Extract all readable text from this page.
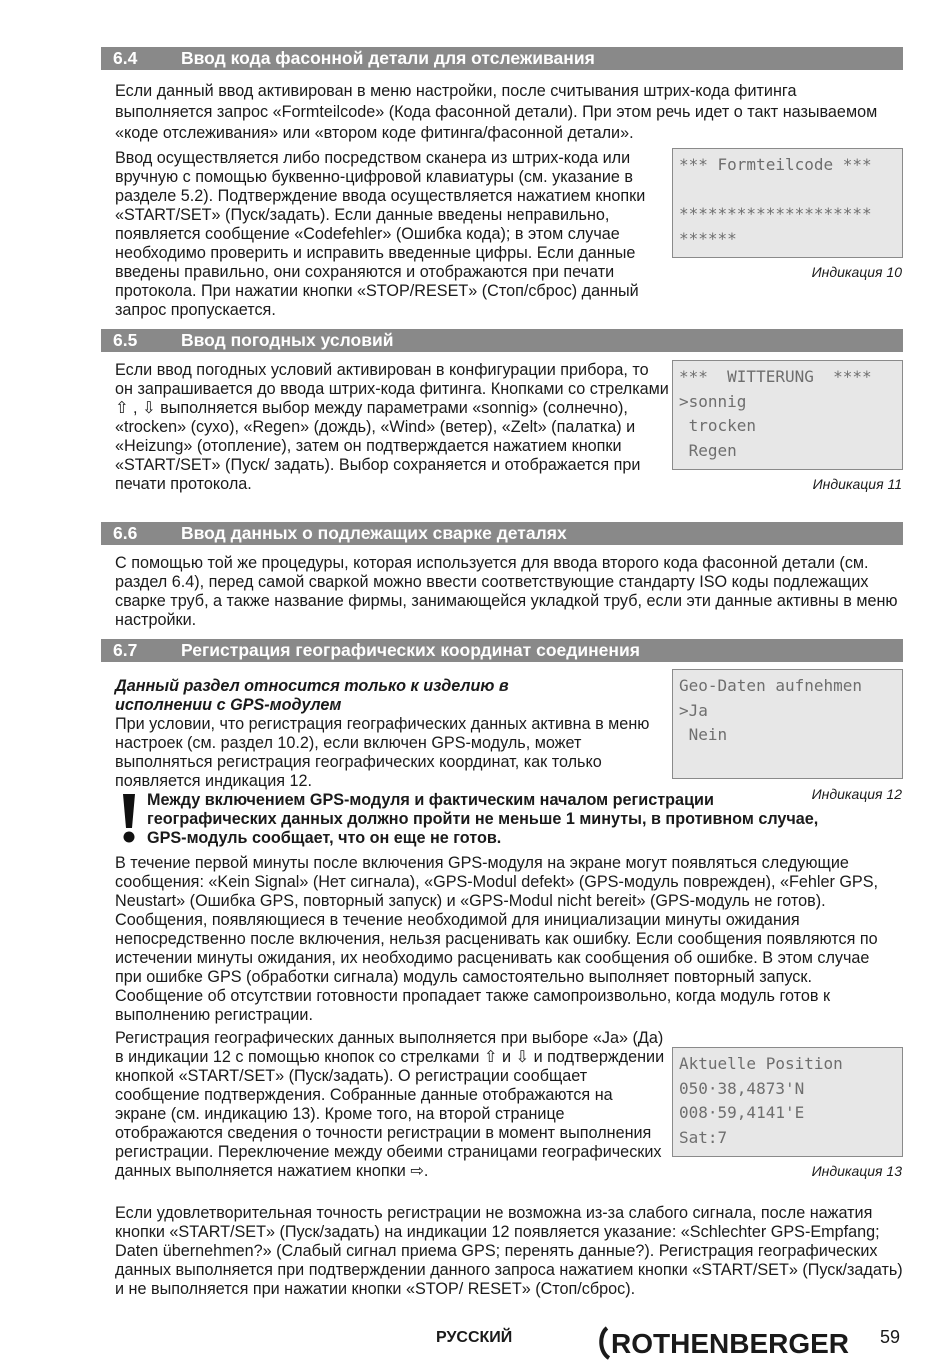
6.4 Ввод кода фасонной детали для отслеживания

Если данный ввод активирован в меню настройки, после считывания штрих-кода фитинга выполняется запрос «Formteilcode» (Кода фасонной детали). При этом речь идет о такт называемом «коде отслеживания» или «втором коде фитинга/фасонной детали».

Ввод осуществляется либо посредством сканера из штрих-кода или вручную с помощью буквенно-цифровой клавиатуры (см. указание в разделе 5.2). Подтверждение ввода осуществляется нажатием кнопки «START/SET» (Пуск/задать). Если данные введены неправильно, появляется сообщение «Codefehler» (Ошибка кода); в этом случае необходимо проверить и исправить введенные цифры. Если данные введены правильно, они сохраняются и отображаются при печати протокола. При нажатии кнопки «STOP/RESET» (Стоп/сброс) данный запрос пропускается.

*** Formteilcode ***
********************
******
Индикация 10
6.5 Ввод погодных условий

Если ввод погодных условий активирован в конфигурации прибора, то он запрашивается до ввода штрих-кода фитинга. Кнопками со стрелками ⇧ , ⇩ выполняется выбор между параметрами «sonnig» (солнечно), «trocken» (сухо), «Regen» (дождь), «Wind» (ветер), «Zelt» (палатка) и «Heizung» (отопление), затем он подтверждается нажатием кнопки «START/SET» (Пуск/ задать). Выбор сохраняется и отображается при печати протокола.

***  WITTERUNG  ****
>sonnig
trocken
Regen
Индикация 11
6.6 Ввод данных о подлежащих сварке деталях

С помощью той же процедуры, которая используется для ввода второго кода фасонной детали (см. раздел 6.4), перед самой сваркой можно ввести соответствующие стандарту ISO коды подлежащих сварке труб, а также название фирмы, занимающейся укладкой труб, если эти данные активны в меню настройки.

6.7 Регистрация географических координат соединения

Данный раздел относится только к изделию в исполнении с GPS-модулем

При условии, что регистрация географических данных активна в меню настроек (см. раздел 10.2), если включен GPS-модуль, может выполняться регистрация географических координат, как только появляется индикация 12.

Geo-Daten aufnehmen
>Ja
Nein
Индикация 12

Между включением GPS-модуля и фактическим началом регистрации географических данных должно пройти не меньше 1 минуты, в противном случае, GPS-модуль сообщает, что он еще не готов.

В течение первой минуты после включения GPS-модуля на экране могут появляться следующие сообщения: «Kein Signal» (Нет сигнала), «GPS-Modul defekt» (GPS-модуль поврежден), «Fehler GPS, Neustart» (Ошибка GPS, повторный запуск) и «GPS-Modul nicht bereit» (GPS-модуль не готов). Сообщения, появляющиеся в течение необходимой для инициализации минуты ожидания непосредственно после включения, нельзя расценивать как ошибку. Если сообщения появляются по истечении минуты ожидания, их необходимо расценивать как сообщения об ошибке. В этом случае при ошибке GPS (обработки сигнала) модуль самостоятельно выполняет повторный запуск. Сообщение об отсутствии готовности пропадает также самопроизвольно, когда модуль готов к выполнению регистрации.

Регистрация географических данных выполняется при выборе «Ja» (Да) в индикации 12 с помощью кнопок со стрелками ⇧ и ⇩ и подтверждении кнопкой «START/SET» (Пуск/задать). О регистрации сообщает сообщение подтверждения. Собранные данные отображаются на экране (см. индикацию 13). Кроме того, на второй странице отображаются сведения о точности регистрации в момент выполнения регистрации. Переключение между обеими страницами географических данных выполняется нажатием кнопки ⇨.

Aktuelle Position
050·38,4873'N
008·59,4141'E
Sat:7
Индикация 13

Если удовлетворительная точность регистрации не возможна из-за слабого сигнала, после нажатия кнопки «START/SET» (Пуск/задать) на индикации 12 появляется указание: «Schlechter GPS-Empfang; Daten übernehmen?» (Слабый сигнал приема GPS; перенять данные?). Регистрация географических данных выполняется при подтверждении данного запроса нажатием кнопки «START/SET» (Пуск/задать) и не выполняется при нажатии кнопки «STOP/ RESET» (Стоп/сброс).

РУССКИЙ	ROTHENBERGER 59
